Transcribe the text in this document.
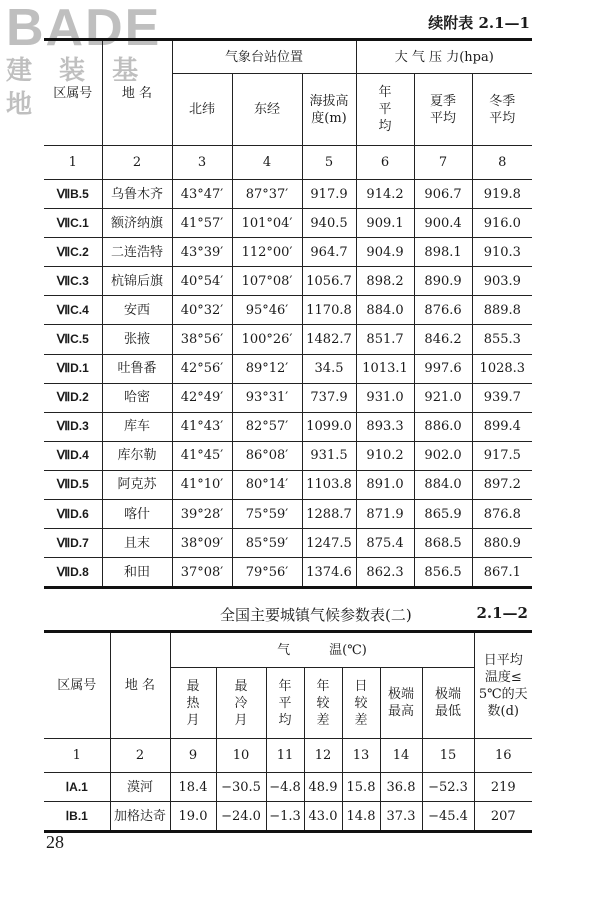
BADE
建 装 基 地
续附表 2.1—1
区属号	地 名	气象台站位置			大 气 压 力(hpa)		
		北纬	东经	海拔高度(m)	年平均	夏季平均	冬季平均
1	2	3	4	5	6	7	8
ⅦB.5	乌鲁木齐	43°47′	87°37′	917.9	914.2	906.7	919.8
ⅦC.1	额济纳旗	41°57′	101°04′	940.5	909.1	900.4	916.0
ⅦC.2	二连浩特	43°39′	112°00′	964.7	904.9	898.1	910.3
ⅦC.3	杭锦后旗	40°54′	107°08′	1056.7	898.2	890.9	903.9
ⅦC.4	安西	40°32′	95°46′	1170.8	884.0	876.6	889.8
ⅦC.5	张掖	38°56′	100°26′	1482.7	851.7	846.2	855.3
ⅦD.1	吐鲁番	42°56′	89°12′	34.5	1013.1	997.6	1028.3
ⅦD.2	哈密	42°49′	93°31′	737.9	931.0	921.0	939.7
ⅦD.3	库车	41°43′	82°57′	1099.0	893.3	886.0	899.4
ⅦD.4	库尔勒	41°45′	86°08′	931.5	910.2	902.0	917.5
ⅦD.5	阿克苏	41°10′	80°14′	1103.8	891.0	884.0	897.2
ⅦD.6	喀什	39°28′	75°59′	1288.7	871.9	865.9	876.8
ⅦD.7	且末	38°09′	85°59′	1247.5	875.4	868.5	880.9
ⅦD.8	和田	37°08′	79°56′	1374.6	862.3	856.5	867.1
全国主要城镇气候参数表(二)	2.1—2
区属号	地 名	气　　　温(℃)							日平均温度≤5℃的天数(d)
		最热月	最冷月	年平均	年较差	日较差	极端最高	极端最低	
1	2	9	10	11	12	13	14	15	16
ⅠA.1	漠河	18.4	−30.5	−4.8	48.9	15.8	36.8	−52.3	219
ⅠB.1	加格达奇	19.0	−24.0	−1.3	43.0	14.8	37.3	−45.4	207
28
